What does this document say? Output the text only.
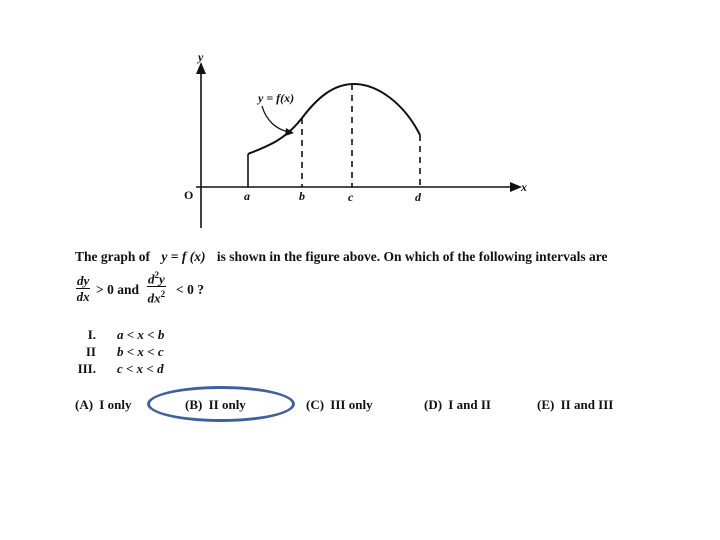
y
x
O
y = f(x)
a	b	c	d
The graph of y = f (x) is shown in the figure above. On which of the following intervals are
$\frac{dy}{dx} > 0$ and $\frac{d^2y}{dx^2} < 0$ ?
I. a < x < b
II b < x < c
III. c < x < d
(A) I only	(B) II only	(C) III only	(D) I and II	(E) II and III
